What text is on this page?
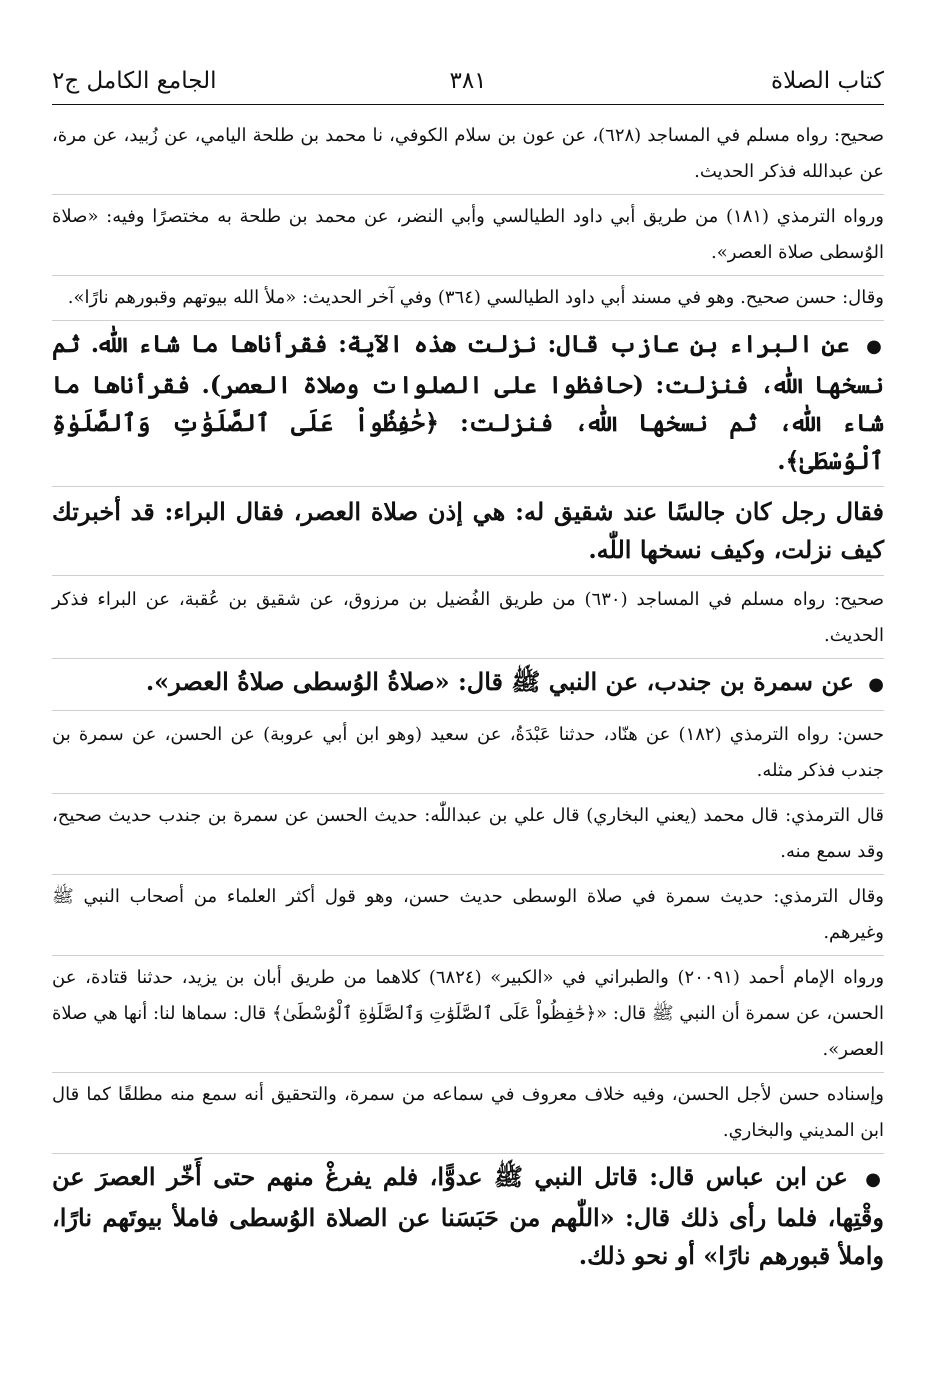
كتاب الصلاة
٣٨١
الجامع الكامل ج٢

صحيح: رواه مسلم في المساجد (٦٢٨)، عن عون بن سلام الكوفي، نا محمد بن طلحة اليامي، عن زُبيد، عن مرة، عن عبدالله فذكر الحديث.

ورواه الترمذي (١٨١) من طريق أبي داود الطيالسي وأبي النضر، عن محمد بن طلحة به مختصرًا وفيه: «صلاة الوُسطى صلاة العصر».

وقال: حسن صحيح. وهو في مسند أبي داود الطيالسي (٣٦٤) وفي آخر الحديث: «ملأ الله بيوتهم وقبورهم نارًا».

● عن البراء بن عازب قال: نزلت هذه الآية: فقرأناها ما شاء اللّٰه. ثم نسخها اللّٰه، فنزلت: (حافظوا على الصلوات وصلاة العصر). فقرأناها ما شاء اللّٰه، ثم نسخها اللّٰه، فنزلت: ﴿حَٰفِظُواْ عَلَى ٱلصَّلَوَٰتِ وَٱلصَّلَوٰةِ ٱلْوُسْطَىٰ﴾.

فقال رجل كان جالسًا عند شقيق له: هي إذن صلاة العصر، فقال البراء: قد أخبرتك كيف نزلت، وكيف نسخها اللّٰه.

صحيح: رواه مسلم في المساجد (٦٣٠) من طريق الفُضيل بن مرزوق، عن شقيق بن عُقبة، عن البراء فذكر الحديث.

● عن سمرة بن جندب، عن النبي ﷺ قال: «صلاةُ الوُسطى صلاةُ العصر».

حسن: رواه الترمذي (١٨٢) عن هنّاد، حدثنا عَبْدَةُ، عن سعيد (وهو ابن أبي عروبة) عن الحسن، عن سمرة بن جندب فذكر مثله.

قال الترمذي: قال محمد (يعني البخاري) قال علي بن عبداللّٰه: حديث الحسن عن سمرة بن جندب حديث صحيح، وقد سمع منه.

وقال الترمذي: حديث سمرة في صلاة الوسطى حديث حسن، وهو قول أكثر العلماء من أصحاب النبي ﷺ وغيرهم.

ورواه الإمام أحمد (٢٠٠٩١) والطبراني في «الكبير» (٦٨٢٤) كلاهما من طريق أبان بن يزيد، حدثنا قتادة، عن الحسن، عن سمرة أن النبي ﷺ قال: «﴿حَٰفِظُواْ عَلَى ٱلصَّلَوَٰتِ وَٱلصَّلَوٰةِ ٱلْوُسْطَىٰ﴾ قال: سماها لنا: أنها هي صلاة العصر».

وإسناده حسن لأجل الحسن، وفيه خلاف معروف في سماعه من سمرة، والتحقيق أنه سمع منه مطلقًا كما قال ابن المديني والبخاري.

● عن ابن عباس قال: قاتل النبي ﷺ عدوًّا، فلم يفرغْ منهم حتى أَخّر العصرَ عن وقْتِها، فلما رأى ذلك قال: «اللّٰهم من حَبَسَنا عن الصلاة الوُسطى فاملأ بيوتَهم نارًا، واملأ قبورهم نارًا» أو نحو ذلك.
